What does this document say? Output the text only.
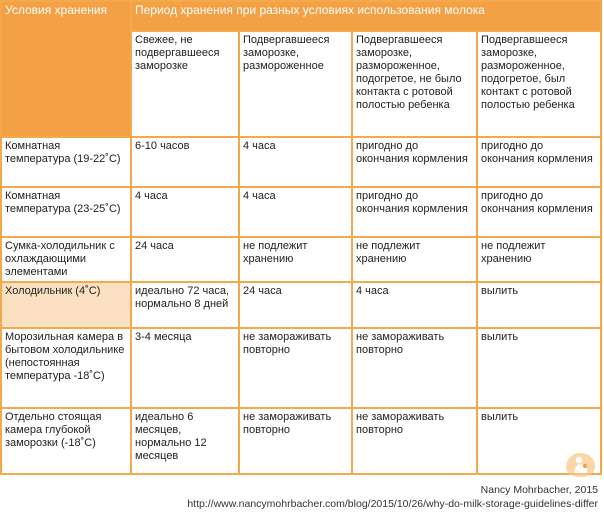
Условия хранения	Период хранения при разных условиях использования молока			
	Свежее, не подвергавшееся заморозке	Подвергавшееся заморозке, размороженное	Подвергавшееся заморозке, размороженное, подогретое, не было контакта с ротовой полостью ребенка	Подвергавшееся заморозке, размороженное, подогретое, был контакт с ротовой полостью ребенка
Комнатная температура (19-22˚С)	6-10 часов	4 часа	пригодно до окончания кормления	пригодно до окончания кормления
Комнатная температура (23-25˚С)	4 часа	4 часа	пригодно до окончания кормления	пригодно до окончания кормления
Сумка-холодильник с охлаждающими элементами	24 часа	не подлежит хранению	не подлежит хранению	не подлежит хранению
Холодильник (4˚С)	идеально 72 часа, нормально 8 дней	24 часа	4 часа	вылить
Морозильная камера в бытовом холодильнике (непостоянная температура -18˚С)	3-4 месяца	не замораживать повторно	не замораживать повторно	вылить
Отдельно стоящая камера глубокой заморозки (-18˚С)	идеально 6 месяцев, нормально 12 месяцев	не замораживать повторно	не замораживать повторно	вылить
Nancy Mohrbacher, 2015
http://www.nancymohrbacher.com/blog/2015/10/26/why-do-milk-storage-guidelines-differ
